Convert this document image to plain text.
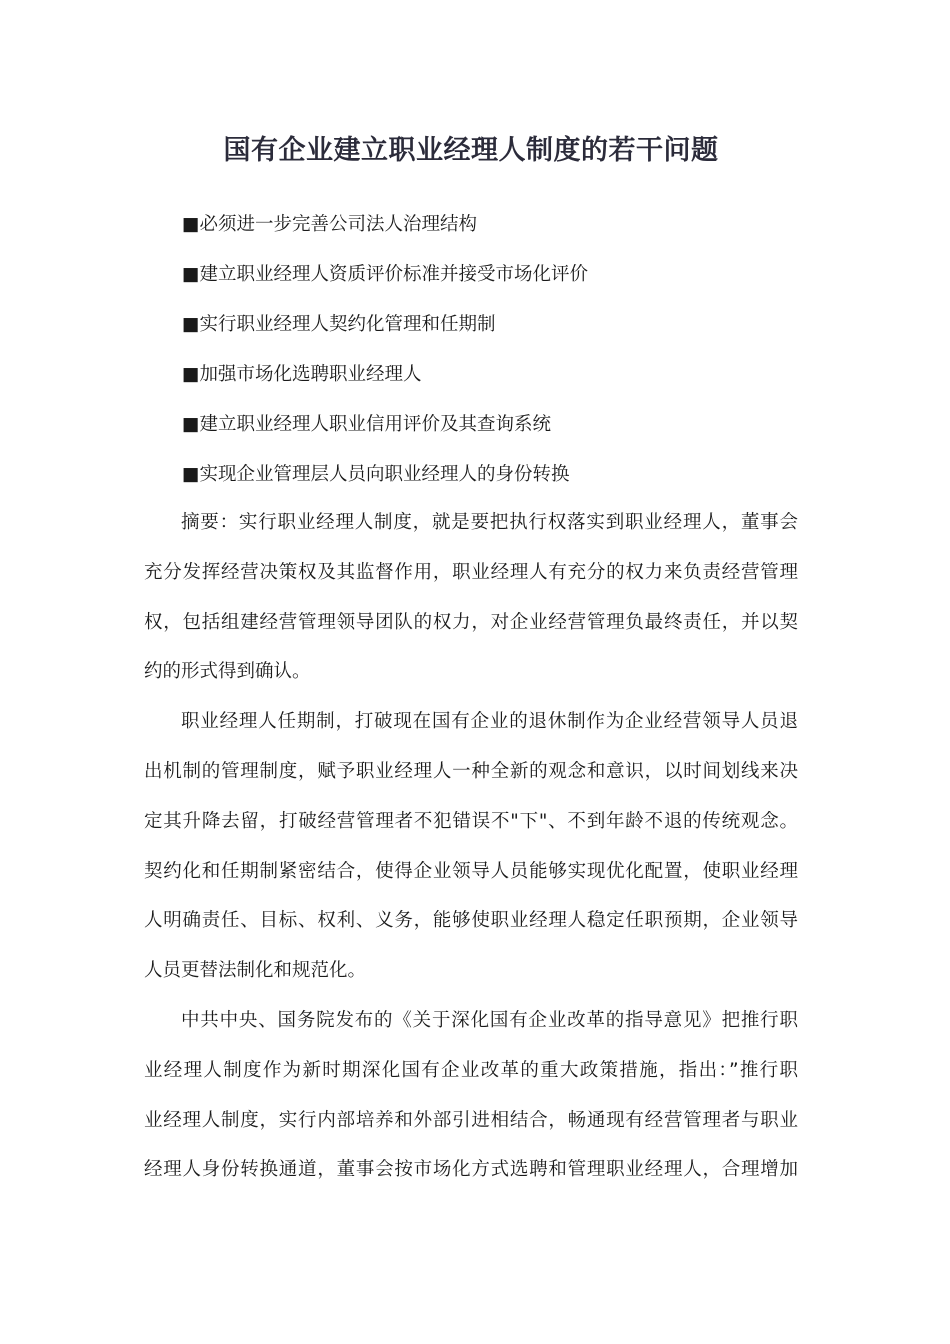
国有企业建立职业经理人制度的若干问题
■必须进一步完善公司法人治理结构
■建立职业经理人资质评价标准并接受市场化评价
■实行职业经理人契约化管理和任期制
■加强市场化选聘职业经理人
■建立职业经理人职业信用评价及其查询系统
■实现企业管理层人员向职业经理人的身份转换

摘要：实行职业经理人制度，就是要把执行权落实到职业经理人，董事会
充分发挥经营决策权及其监督作用，职业经理人有充分的权力来负责经营管理
权，包括组建经营管理领导团队的权力，对企业经营管理负最终责任，并以契
约的形式得到确认。

职业经理人任期制，打破现在国有企业的退休制作为企业经营领导人员退
出机制的管理制度，赋予职业经理人一种全新的观念和意识，以时间划线来决
定其升降去留，打破经营管理者不犯错误不"下"、不到年龄不退的传统观念。
契约化和任期制紧密结合，使得企业领导人员能够实现优化配置，使职业经理
人明确责任、目标、权利、义务，能够使职业经理人稳定任职预期，企业领导
人员更替法制化和规范化。

中共中央、国务院发布的《关于深化国有企业改革的指导意见》把推行职
业经理人制度作为新时期深化国有企业改革的重大政策措施，指出：”推行职
业经理人制度，实行内部培养和外部引进相结合，畅通现有经营管理者与职业
经理人身份转换通道，董事会按市场化方式选聘和管理职业经理人，合理增加
